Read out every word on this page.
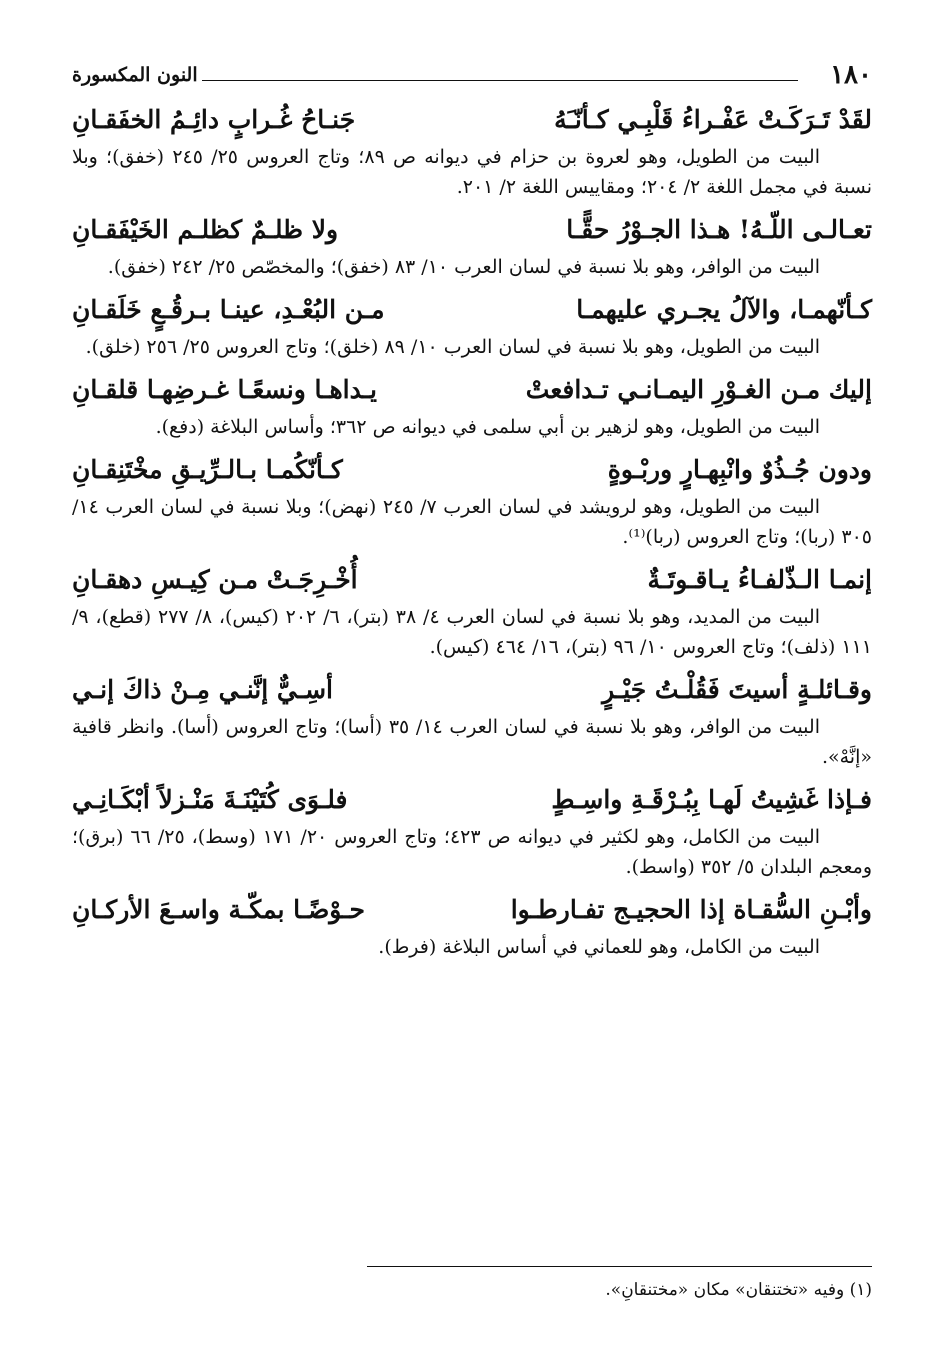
١٨٠
النون المكسورة
لقَدْ تَـرَكَـتْ عَفْـراءُ قَلْبِـي كـأنّـَهُ
جَنـاحُ غُـرابٍ دائِـمُ الخفَقـانِ
البيت من الطويل، وهو لعروة بن حزام في ديوانه ص ٨٩؛ وتاج العروس ٢٥/ ٢٤٥ (خفق)؛ وبلا نسبة في مجمل اللغة ٢/ ٢٠٤؛ ومقاييس اللغة ٢/ ٢٠١.
تعـالـى اللّـهُ! هـذا الجـوْرُ حقًّـا
ولا ظلـمٌ كظلـم الخَيْفَقـانِ
البيت من الوافر، وهو بلا نسبة في لسان العرب ١٠/ ٨٣ (خفق)؛ والمخصّص ٢٥/ ٢٤٢ (خفق).
كـأنّهمـا، والآلُ يجـري عليهمـا
مـن البُعْـدِ، عينـا بـرقُـعٍ خَلَقـانِ
البيت من الطويل، وهو بلا نسبة في لسان العرب ١٠/ ٨٩ (خلق)؛ وتاج العروس ٢٥/ ٢٥٦ (خلق).
إليك مـن الغـوْرِ اليمـانـي تـدافعتْ
يـداهـا ونسعًـا غـرضِهـا قلقـانِ
البيت من الطويل، وهو لزهير بن أبي سلمى في ديوانه ص ٣٦٢؛ وأساس البلاغة (دفع).
ودون جُـذُوٌ وانْبِهـارٍ وربْـوةٍ
كـأنّكُمـا بـالـرِّيـقِ مخْتَنِقـانِ
البيت من الطويل، وهو لرويشد في لسان العرب ٧/ ٢٤٥ (نهض)؛ وبلا نسبة في لسان العرب ١٤/ ٣٠٥ (ربا)؛ وتاج العروس (ربا)⁽¹⁾.
إنمـا الـذّلفـاءُ يـاقـوتَـةٌ
أُخْـرِجَـتْ مـن كِيـسِ دهقـانِ
البيت من المديد، وهو بلا نسبة في لسان العرب ٤/ ٣٨ (بتر)، ٦/ ٢٠٢ (كيس)، ٨/ ٢٧٧ (قطع)، ٩/ ١١١ (ذلف)؛ وتاج العروس ١٠/ ٩٦ (بتر)، ١٦/ ٤٦٤ (كيس).
وقـائلـةٍ أسيتَ فَقُلْـتُ جَيْـرٍ
أسِـيٌّ إنَّنـي مِـنْ ذاكَ إنـي
البيت من الوافر، وهو بلا نسبة في لسان العرب ١٤/ ٣٥ (أسا)؛ وتاج العروس (أسا). وانظر قافية «إنَّهْ».
فـإذا غَشِيتُ لَهـا بِبُـرْقَـةِ واسِـطٍ
فلـوَى كُتَيْنَـةَ مَنْـزلاً أبْكَـانِـي
البيت من الكامل، وهو لكثير في ديوانه ص ٤٢٣؛ وتاج العروس ٢٠/ ١٧١ (وسط)، ٢٥/ ٦٦ (برق)؛ ومعجم البلدان ٥/ ٣٥٢ (واسط).
وأبْـنِ السُّقـاة إذا الحجيـج تفـارطـوا
حـوْضًـا بمكّـة واسـعَ الأركـانِ
البيت من الكامل، وهو للعماني في أساس البلاغة (فرط).
(١) وفيه «تختنقان» مكان «مختنقانِ».
